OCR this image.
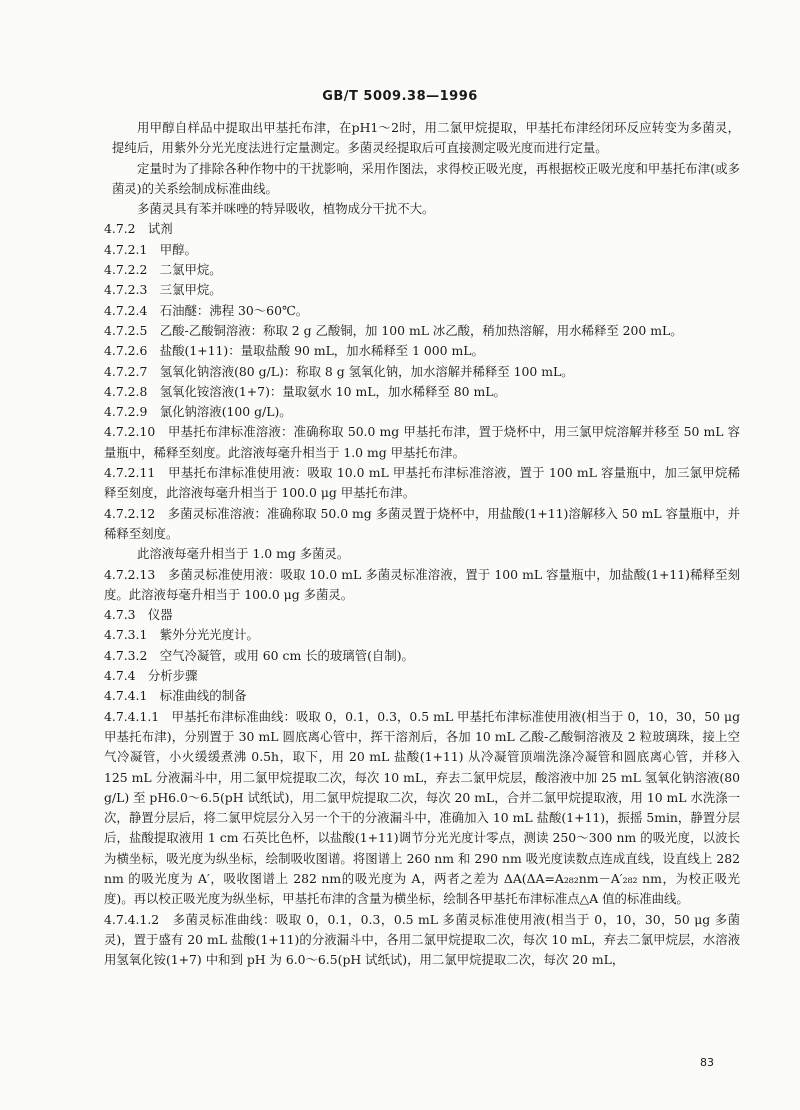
GB/T 5009.38—1996

用甲醇自样品中提取出甲基托布津，在pH1～2时，用二氯甲烷提取，甲基托布津经闭环反应转变为多菌灵，提纯后，用紫外分光光度法进行定量测定。多菌灵经提取后可直接测定吸光度而进行定量。

定量时为了排除各种作物中的干扰影响，采用作图法，求得校正吸光度，再根据校正吸光度和甲基托布津(或多菌灵)的关系绘制成标准曲线。

多菌灵具有苯并咪唑的特异吸收，植物成分干扰不大。

4.7.2　试剂

4.7.2.1　甲醇。

4.7.2.2　二氯甲烷。

4.7.2.3　三氯甲烷。

4.7.2.4　石油醚：沸程 30～60℃。

4.7.2.5　乙酸-乙酸铜溶液：称取 2 g 乙酸铜，加 100 mL 冰乙酸，稍加热溶解，用水稀释至 200 mL。

4.7.2.6　盐酸(1+11)：量取盐酸 90 mL，加水稀释至 1 000 mL。

4.7.2.7　氢氧化钠溶液(80 g/L)：称取 8 g 氢氧化钠，加水溶解并稀释至 100 mL。

4.7.2.8　氢氧化铵溶液(1+7)：量取氨水 10 mL，加水稀释至 80 mL。

4.7.2.9　氯化钠溶液(100 g/L)。

4.7.2.10　甲基托布津标准溶液：准确称取 50.0 mg 甲基托布津，置于烧杯中，用三氯甲烷溶解并移至 50 mL 容量瓶中，稀释至刻度。此溶液每毫升相当于 1.0 mg 甲基托布津。

4.7.2.11　甲基托布津标准使用液：吸取 10.0 mL 甲基托布津标准溶液，置于 100 mL 容量瓶中，加三氯甲烷稀释至刻度，此溶液每毫升相当于 100.0 μg 甲基托布津。

4.7.2.12　多菌灵标准溶液：准确称取 50.0 mg 多菌灵置于烧杯中，用盐酸(1+11)溶解移入 50 mL 容量瓶中，并稀释至刻度。

此溶液每毫升相当于 1.0 mg 多菌灵。

4.7.2.13　多菌灵标准使用液：吸取 10.0 mL 多菌灵标准溶液，置于 100 mL 容量瓶中，加盐酸(1+11)稀释至刻度。此溶液每毫升相当于 100.0 μg 多菌灵。

4.7.3　仪器

4.7.3.1　紫外分光光度计。

4.7.3.2　空气冷凝管，或用 60 cm 长的玻璃管(自制)。

4.7.4　分析步骤

4.7.4.1　标准曲线的制备

4.7.4.1.1　甲基托布津标准曲线：吸取 0，0.1，0.3，0.5 mL 甲基托布津标准使用液(相当于 0，10，30，50 μg 甲基托布津)，分别置于 30 mL 圆底离心管中，挥干溶剂后，各加 10 mL 乙酸-乙酸铜溶液及 2 粒玻璃珠，接上空气冷凝管，小火缓缓煮沸 0.5h，取下，用 20 mL 盐酸(1+11) 从冷凝管顶端洗涤冷凝管和圆底离心管，并移入 125 mL 分液漏斗中，用二氯甲烷提取二次，每次 10 mL，弃去二氯甲烷层，酸溶液中加 25 mL 氢氧化钠溶液(80 g/L) 至 pH6.0～6.5(pH 试纸试)，用二氯甲烷提取二次，每次 20 mL，合并二氯甲烷提取液，用 10 mL 水洗涤一次，静置分层后，将二氯甲烷层分入另一个干的分液漏斗中，准确加入 10 mL 盐酸(1+11)，振摇 5min，静置分层后，盐酸提取液用 1 cm 石英比色杯，以盐酸(1+11)调节分光光度计零点，测读 250～300 nm 的吸光度，以波长为横坐标，吸光度为纵坐标，绘制吸收图谱。将图谱上 260 nm 和 290 nm 吸光度读数点连成直线，设直线上 282 nm 的吸光度为 A′，吸收图谱上 282 nm的吸光度为 A，两者之差为 ΔA(ΔA=A₂₈₂nm－A′₂₈₂ nm，为校正吸光度)。再以校正吸光度为纵坐标，甲基托布津的含量为横坐标，绘制各甲基托布津标准点△A 值的标准曲线。

4.7.4.1.2　多菌灵标准曲线：吸取 0，0.1，0.3，0.5 mL 多菌灵标准使用液(相当于 0，10，30，50 μg 多菌灵)，置于盛有 20 mL 盐酸(1+11)的分液漏斗中，各用二氯甲烷提取二次，每次 10 mL，弃去二氯甲烷层，水溶液用氢氧化铵(1+7) 中和到 pH 为 6.0～6.5(pH 试纸试)，用二氯甲烷提取二次，每次 20 mL，

83
